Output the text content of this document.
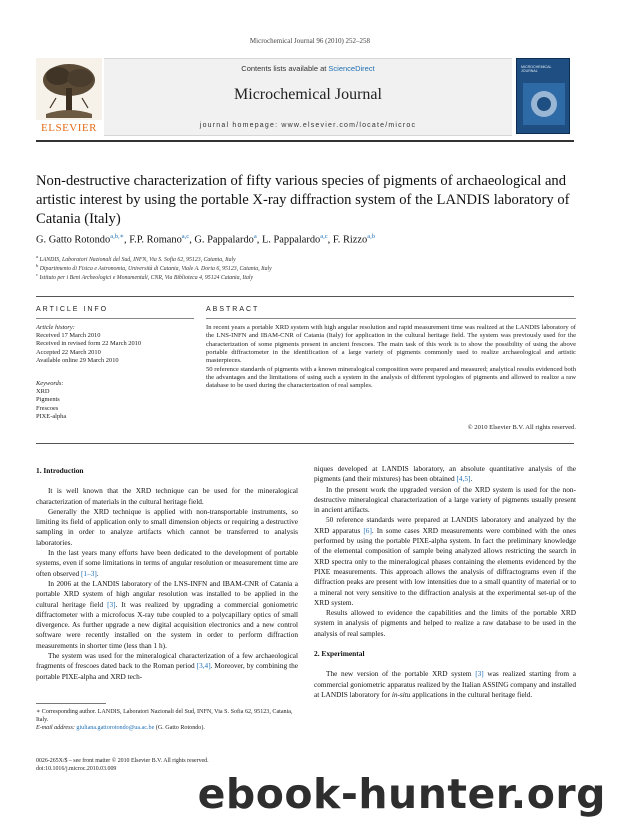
Microchemical Journal 96 (2010) 252–258
ELSEVIER
Contents lists available at ScienceDirect
Microchemical Journal
journal homepage: www.elsevier.com/locate/microc
MICROCHEMICAL JOURNAL
Non-destructive characterization of fifty various species of pigments of archaeological and artistic interest by using the portable X-ray diffraction system of the LANDIS laboratory of Catania (Italy)
G. Gatto Rotondo$^{a,b,∗}$, F.P. Romano$^{a,c}$, G. Pappalardo$^a$, L. Pappalardo$^{a,c}$, F. Rizzo$^{a,b}$
$^a$ LANDIS, Laboratori Nazionali del Sud, INFN, Via S. Sofia 62, 95123, Catania, Italy
$^b$ Dipartimento di Fisica e Astronomia, Università di Catania, Viale A. Doria 6, 95123, Catania, Italy
$^c$ Istituto per i Beni Archeologici e Monumentali, CNR, Via Biblioteca 4, 95124 Catania, Italy
ARTICLE INFO	ABSTRACT
Article history:
Received 17 March 2010
Received in revised form 22 March 2010
Accepted 22 March 2010
Available online 29 March 2010
Keywords:
XRD
Pigments
Frescoes
PIXE-alpha

In recent years a portable XRD system with high angular resolution and rapid measurement time was realized at the LANDIS laboratory of the LNS-INFN and IBAM-CNR of Catania (Italy) for application in the cultural heritage field. The system was previously used for the characterization of some pigments present in ancient frescoes. The main task of this work is to show the possibility of using the above portable diffractometer in the identification of a large variety of pigments commonly used to realize archaeological and artistic masterpieces.

50 reference standards of pigments with a known mineralogical composition were prepared and measured; analytical results evidenced both the advantages and the limitations of using such a system in the analysis of different typologies of pigments and allowed to realize a raw database to be used during the characterization of real samples.

© 2010 Elsevier B.V. All rights reserved.

1. Introduction

It is well known that the XRD technique can be used for the mineralogical characterization of materials in the cultural heritage field.

Generally the XRD technique is applied with non-transportable instruments, so limiting its field of application only to small dimension objects or requiring a destructive sampling in order to analyze artifacts which cannot be transferred to analysis laboratories.

In the last years many efforts have been dedicated to the development of portable systems, even if some limitations in terms of angular resolution or measurement time are often observed [1–3].

In 2006 at the LANDIS laboratory of the LNS-INFN and IBAM-CNR of Catania a portable XRD system of high angular resolution was installed to be applied in the cultural heritage field [3]. It was realized by upgrading a commercial goniometric diffractometer with a microfocus X-ray tube coupled to a polycapillary optics of small divergence. As further upgrade a new digital acquisition electronics and a new control software were recently installed on the system in order to perform diffraction measurements in shorter time (less than 1 h).

The system was used for the mineralogical characterization of a few archaeological fragments of frescoes dated back to the Roman period [3,4]. Moreover, by combining the portable PIXE-alpha and XRD tech-

niques developed at LANDIS laboratory, an absolute quantitative analysis of the pigments (and their mixtures) has been obtained [4,5].

In the present work the upgraded version of the XRD system is used for the non-destructive mineralogical characterization of a large variety of pigments usually present in ancient artifacts.

50 reference standards were prepared at LANDIS laboratory and analyzed by the XRD apparatus [6]. In some cases XRD measurements were combined with the ones performed by using the portable PIXE-alpha system. In fact the preliminary knowledge of the elemental composition of sample being analyzed allows restricting the search in XRD spectra only to the mineralogical phases containing the elements evidenced by the PIXE measurements. This approach allows the analysis of diffractograms even if the diffraction peaks are present with low intensities due to a small quantity of material or to a mineral not very sensitive to the diffraction analysis at the experimental set-up of the XRD system.

Results allowed to evidence the capabilities and the limits of the portable XRD system in analysis of pigments and helped to realize a raw database to be used in the analysis of real samples.

2. Experimental

The new version of the portable XRD system [3] was realized starting from a commercial goniometric apparatus realized by the Italian ASSING company and installed at LANDIS laboratory for in-situ applications in the cultural heritage field.

∗ Corresponding author. LANDIS, Laboratori Nazionali del Sud, INFN, Via S. Sofia 62, 95123, Catania, Italy.
E-mail address: giuliana.gattorotondo@ua.ac.be (G. Gatto Rotondo).
0026-265X/$ – see front matter © 2010 Elsevier B.V. All rights reserved.
doi:10.1016/j.microc.2010.03.009
ebook-hunter.org
